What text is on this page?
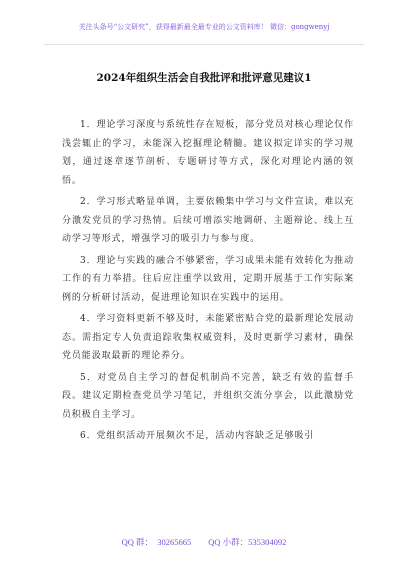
关注头条号“公文研究”，获得最新最全最专业的公文资料库！ 微信：gongwenyj
2024年组织生活会自我批评和批评意见建议1

1．理论学习深度与系统性存在短板，部分党员对核心理论仅作浅尝辄止的学习，未能深入挖掘理论精髓。建议拟定详实的学习规划，通过逐章逐节剖析、专题研讨等方式，深化对理论内涵的领悟。

2．学习形式略显单调，主要依赖集中学习与文件宣读，难以充分激发党员的学习热情。后续可增添实地调研、主题辩论、线上互动学习等形式，增强学习的吸引力与参与度。

3．理论与实践的融合不够紧密，学习成果未能有效转化为推动工作的有力举措。往后应注重学以致用，定期开展基于工作实际案例的分析研讨活动，促进理论知识在实践中的运用。

4．学习资料更新不够及时，未能紧密贴合党的最新理论发展动态。需指定专人负责追踪收集权威资料，及时更新学习素材，确保党员能汲取最新的理论养分。

5．对党员自主学习的督促机制尚不完善，缺乏有效的监督手段。建议定期检查党员学习笔记，并组织交流分享会，以此激励党员积极自主学习。

6．党组织活动开展频次不足，活动内容缺乏足够吸引

QQ 群：  30265665        QQ 小群：535304092
